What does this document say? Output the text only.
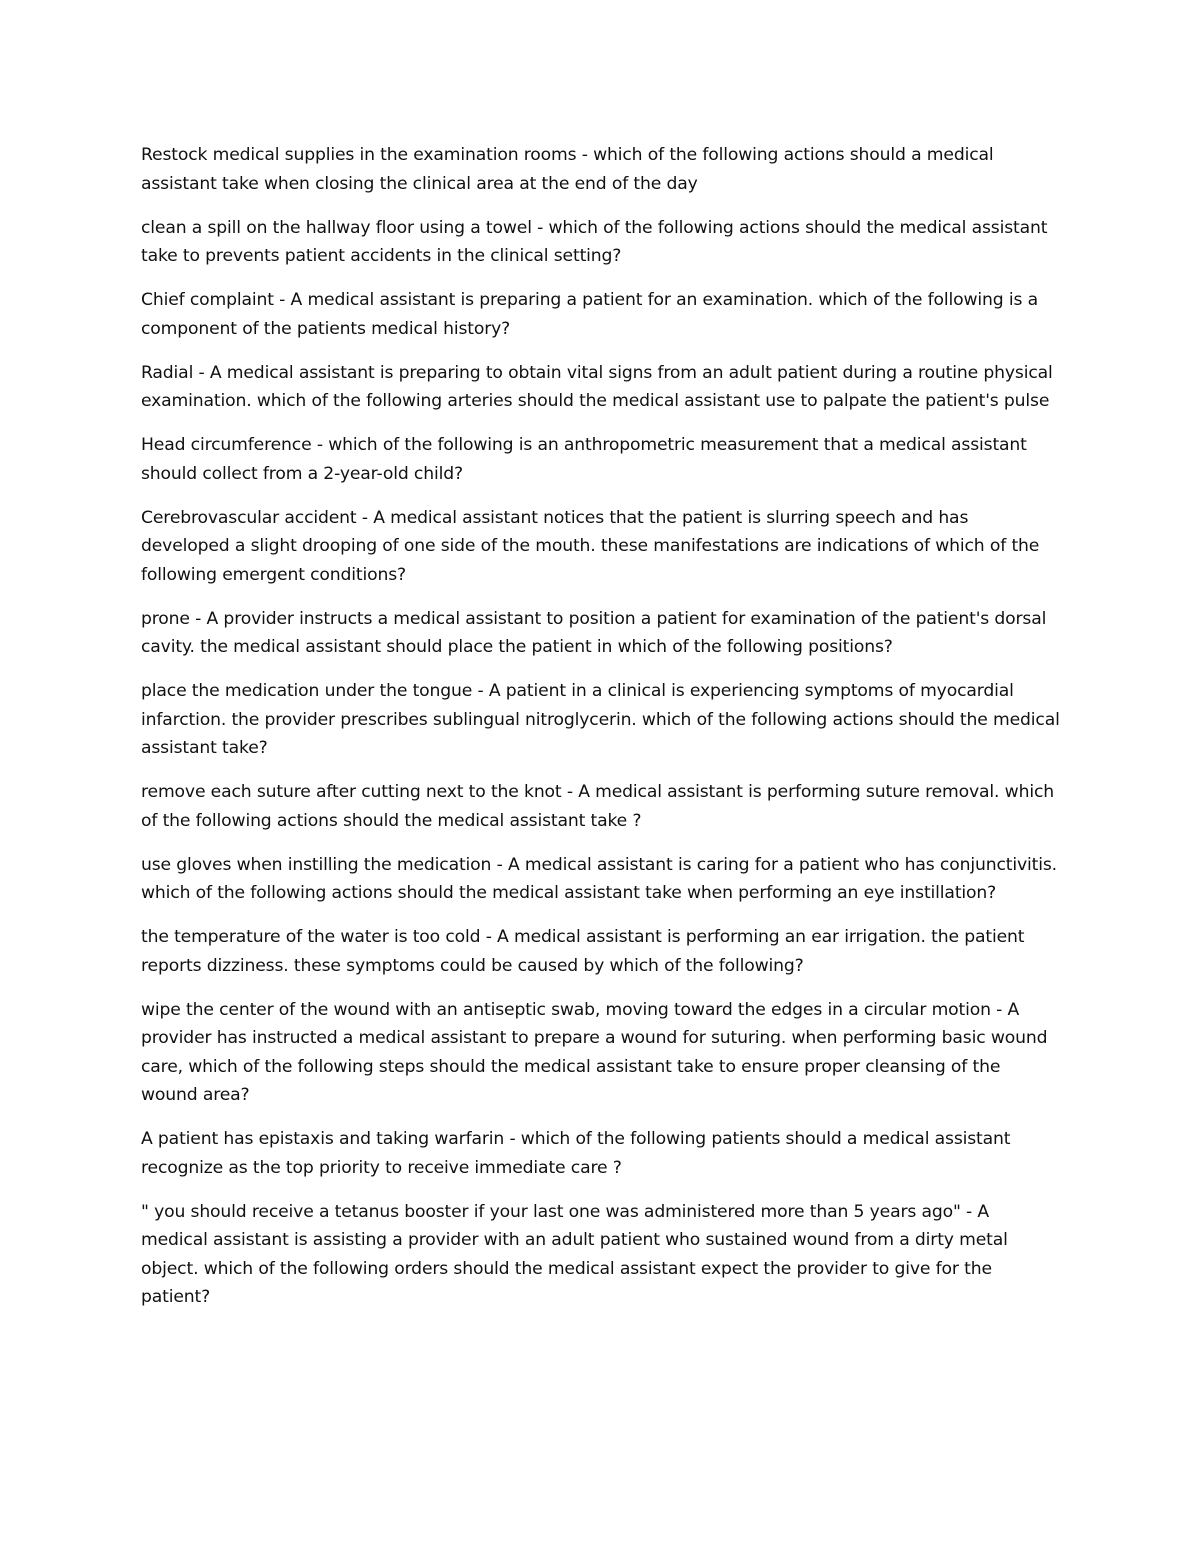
Restock medical supplies in the examination rooms - which of the following actions should a medical assistant take when closing the clinical area at the end of the day

clean a spill on the hallway floor using a towel - which of the following actions should the medical assistant take to prevents patient accidents in the clinical setting?

Chief complaint - A medical assistant is preparing a patient for an examination. which of the following is a component of the patients medical history?

Radial - A medical assistant is preparing to obtain vital signs from an adult patient during a routine physical examination. which of the following arteries should the medical assistant use to palpate the patient's pulse

Head circumference - which of the following is an anthropometric measurement that a medical assistant should collect from a 2-year-old child?

Cerebrovascular accident - A medical assistant notices that the patient is slurring speech and has developed a slight drooping of one side of the mouth. these manifestations are indications of which of the following emergent conditions?

prone - A provider instructs a medical assistant to position a patient for examination of the patient's dorsal cavity. the medical assistant should place the patient in which of the following positions?

place the medication under the tongue - A patient in a clinical is experiencing symptoms of myocardial infarction. the provider prescribes sublingual nitroglycerin. which of the following actions should the medical assistant take?

remove each suture after cutting next to the knot - A medical assistant is performing suture removal. which of the following actions should the medical assistant take ?

use gloves when instilling the medication - A medical assistant is caring for a patient who has conjunctivitis. which of the following actions should the medical assistant take when performing an eye instillation?

the temperature of the water is too cold - A medical assistant is performing an ear irrigation. the patient reports dizziness. these symptoms could be caused by which of the following?

wipe the center of the wound with an antiseptic swab, moving toward the edges in a circular motion - A provider has instructed a medical assistant to prepare a wound for suturing. when performing basic wound care, which of the following steps should the medical assistant take to ensure proper cleansing of the wound area?

A patient has epistaxis and taking warfarin - which of the following patients should a medical assistant recognize as the top priority to receive immediate care ?

" you should receive a tetanus booster if your last one was administered more than 5 years ago" - A medical assistant is assisting a provider with an adult patient who sustained wound from a dirty metal object. which of the following orders should the medical assistant expect the provider to give for the patient?
